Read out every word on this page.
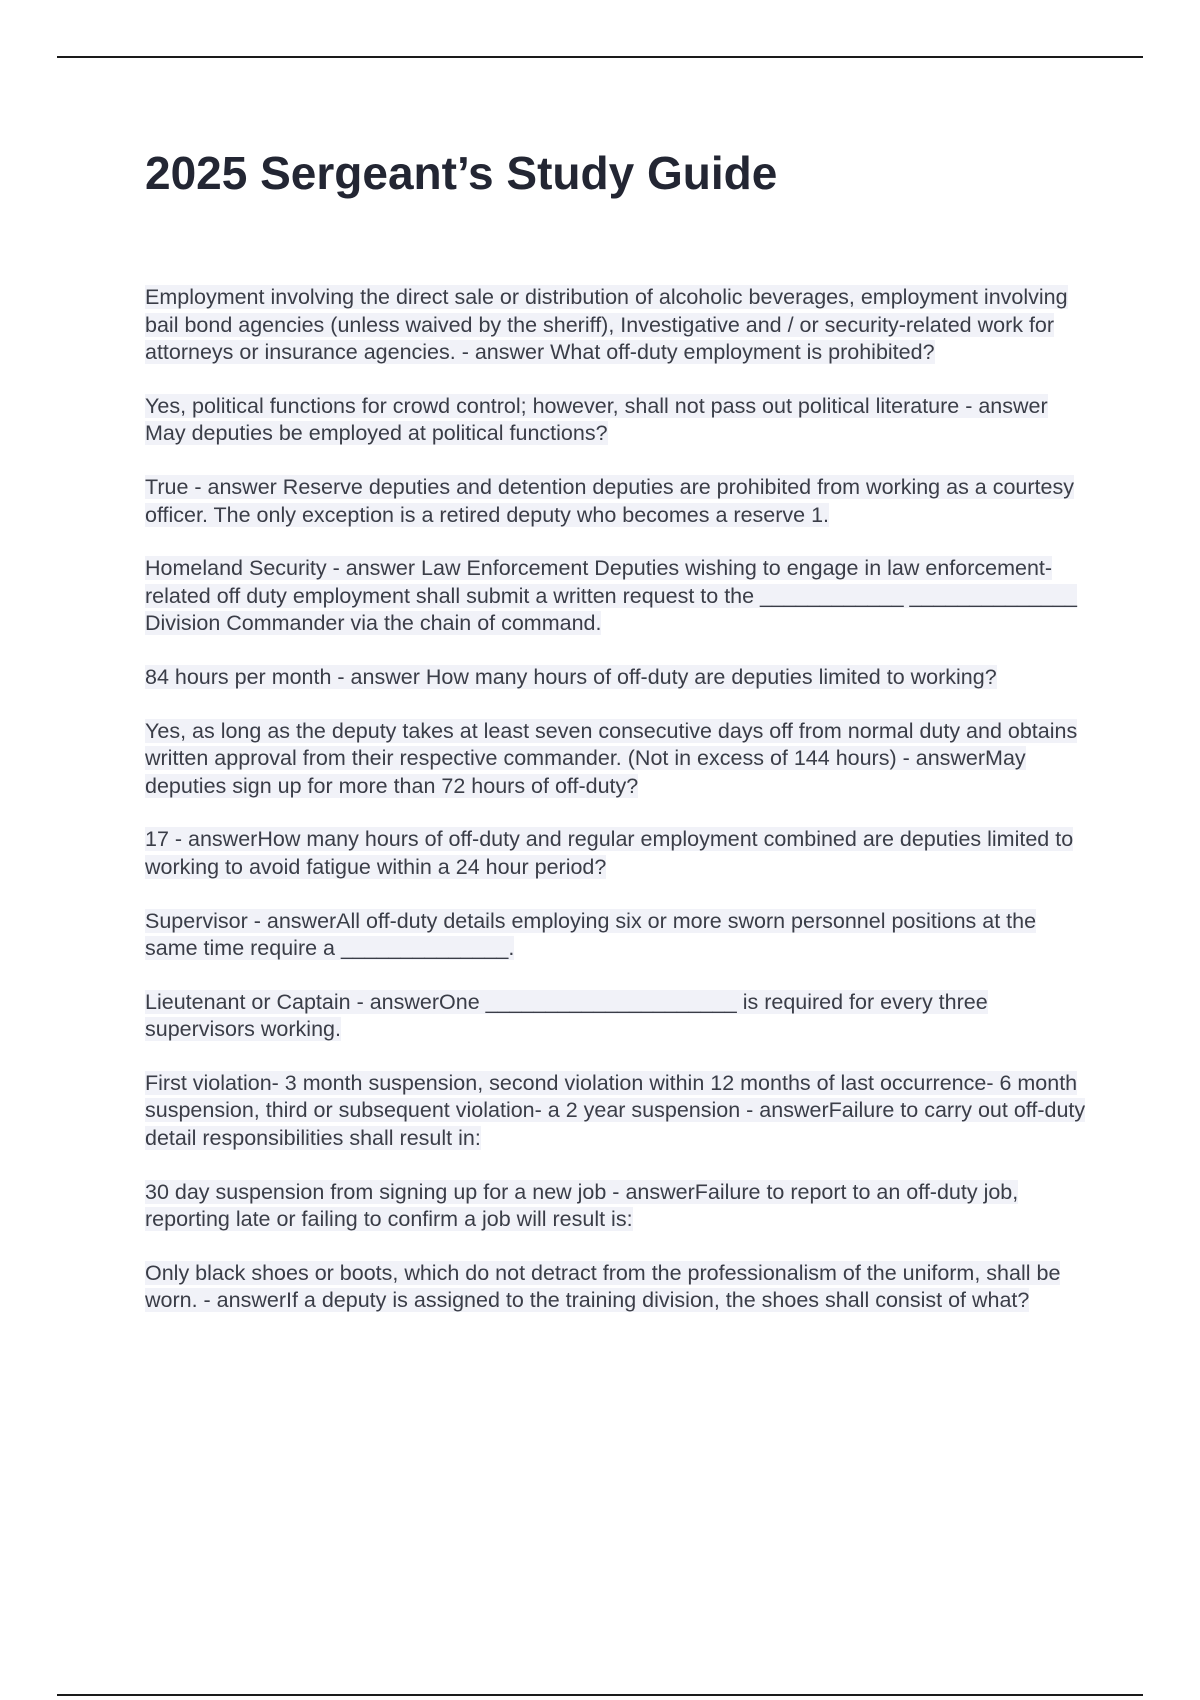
2025 Sergeant’s Study Guide

Employment involving the direct sale or distribution of alcoholic beverages, employment involving bail bond agencies (unless waived by the sheriff), Investigative and / or security-related work for attorneys or insurance agencies. - answer What off-duty employment is prohibited?

Yes, political functions for crowd control; however, shall not pass out political literature - answer May deputies be employed at political functions?

True - answer Reserve deputies and detention deputies are prohibited from working as a courtesy officer. The only exception is a retired deputy who becomes a reserve 1.

Homeland Security - answer Law Enforcement Deputies wishing to engage in law enforcement-related off duty employment shall submit a written request to the ____________ ______________ Division Commander via the chain of command.

84 hours per month - answer How many hours of off-duty are deputies limited to working?

Yes, as long as the deputy takes at least seven consecutive days off from normal duty and obtains written approval from their respective commander. (Not in excess of 144 hours) - answerMay deputies sign up for more than 72 hours of off-duty?

17 - answerHow many hours of off-duty and regular employment combined are deputies limited to working to avoid fatigue within a 24 hour period?

Supervisor - answerAll off-duty details employing six or more sworn personnel positions at the same time require a ______________.

Lieutenant or Captain - answerOne _____________________ is required for every three supervisors working.

First violation- 3 month suspension, second violation within 12 months of last occurrence- 6 month suspension, third or subsequent violation- a 2 year suspension - answerFailure to carry out off-duty detail responsibilities shall result in:

30 day suspension from signing up for a new job - answerFailure to report to an off-duty job, reporting late or failing to confirm a job will result is:

Only black shoes or boots, which do not detract from the professionalism of the uniform, shall be worn. - answerIf a deputy is assigned to the training division, the shoes shall consist of what?
